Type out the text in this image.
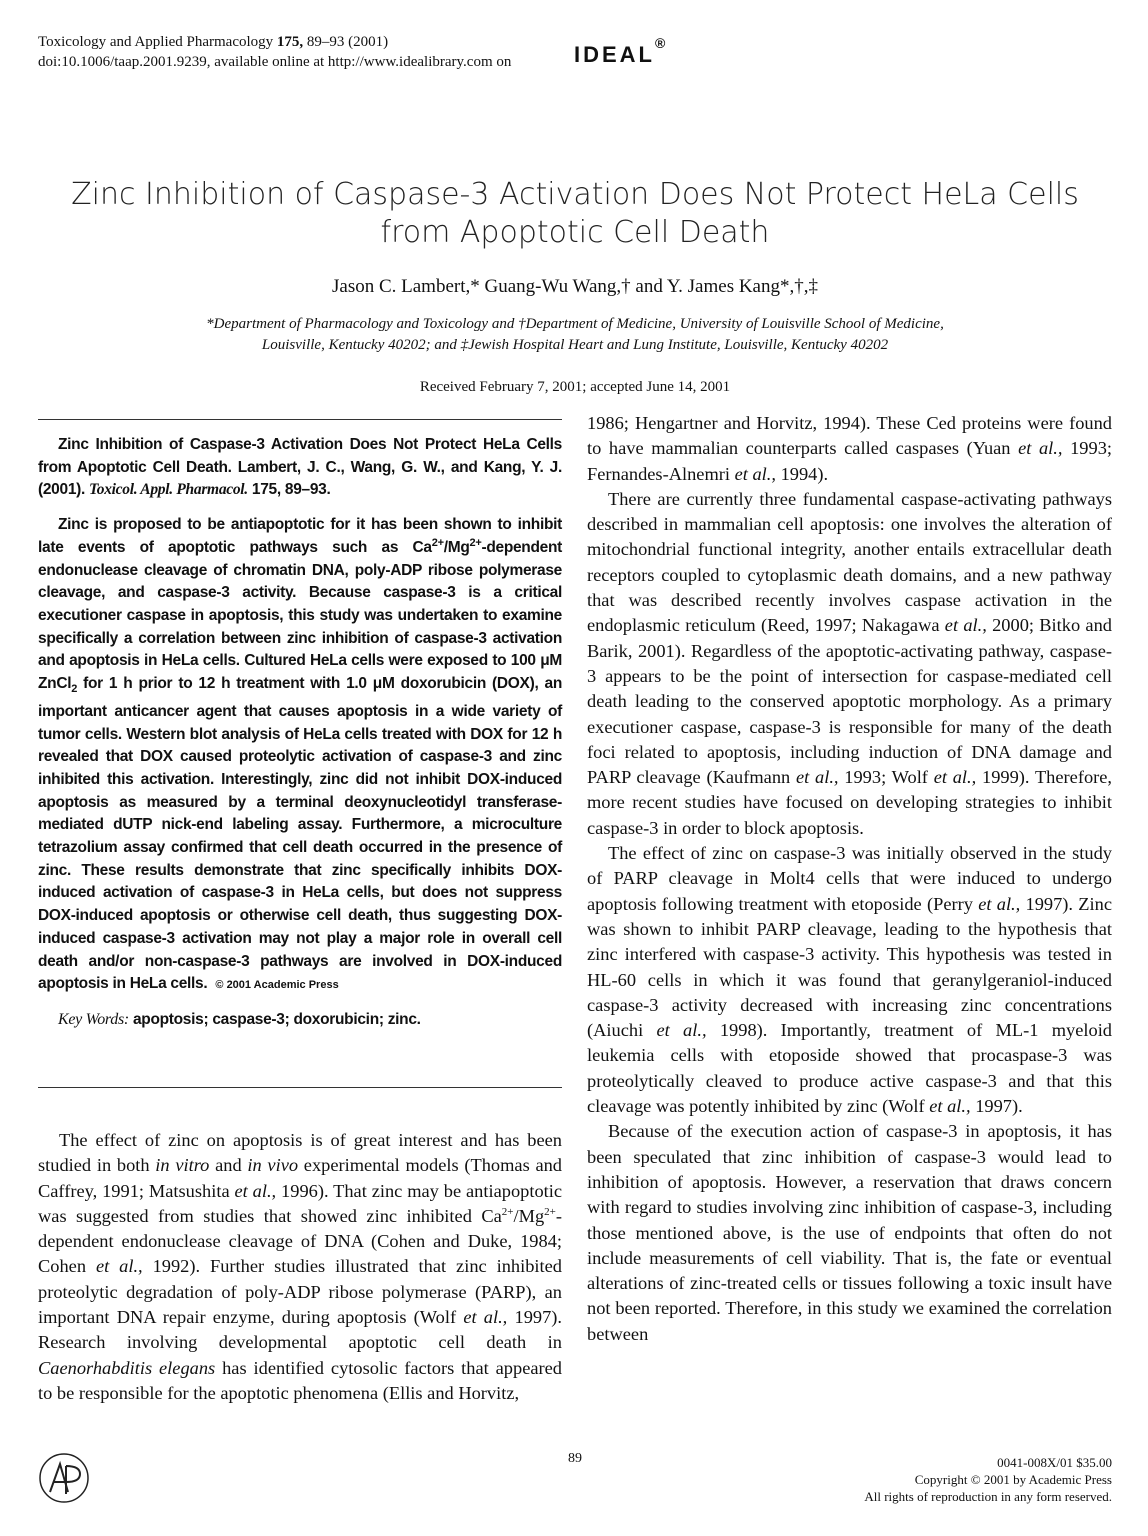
Toxicology and Applied Pharmacology 175, 89–93 (2001)
doi:10.1006/taap.2001.9239, available online at http://www.idealibrary.com on	IDEAL®
Zinc Inhibition of Caspase-3 Activation Does Not Protect HeLa Cells
from Apoptotic Cell Death
Jason C. Lambert,* Guang-Wu Wang,† and Y. James Kang*,†,‡
*Department of Pharmacology and Toxicology and †Department of Medicine, University of Louisville School of Medicine,
Louisville, Kentucky 40202; and ‡Jewish Hospital Heart and Lung Institute, Louisville, Kentucky 40202
Received February 7, 2001; accepted June 14, 2001

Zinc Inhibition of Caspase-3 Activation Does Not Protect HeLa Cells from Apoptotic Cell Death. Lambert, J. C., Wang, G. W., and Kang, Y. J. (2001). Toxicol. Appl. Pharmacol. 175, 89–93.

Zinc is proposed to be antiapoptotic for it has been shown to inhibit late events of apoptotic pathways such as $Ca^{2+}/Mg^{2+}$-dependent endonuclease cleavage of chromatin DNA, poly-ADP ribose polymerase cleavage, and caspase-3 activity. Because caspase-3 is a critical executioner caspase in apoptosis, this study was undertaken to examine specifically a correlation between zinc inhibition of caspase-3 activation and apoptosis in HeLa cells. Cultured HeLa cells were exposed to 100 μM ZnCl$_2$ for 1 h prior to 12 h treatment with 1.0 μM doxorubicin (DOX), an important anticancer agent that causes apoptosis in a wide variety of tumor cells. Western blot analysis of HeLa cells treated with DOX for 12 h revealed that DOX caused proteolytic activation of caspase-3 and zinc inhibited this activation. Interestingly, zinc did not inhibit DOX-induced apoptosis as measured by a terminal deoxynucleotidyl transferase-mediated dUTP nick-end labeling assay. Furthermore, a microculture tetrazolium assay confirmed that cell death occurred in the presence of zinc. These results demonstrate that zinc specifically inhibits DOX-induced activation of caspase-3 in HeLa cells, but does not suppress DOX-induced apoptosis or otherwise cell death, thus suggesting DOX-induced caspase-3 activation may not play a major role in overall cell death and/or non-caspase-3 pathways are involved in DOX-induced apoptosis in HeLa cells. © 2001 Academic Press

Key Words: apoptosis; caspase-3; doxorubicin; zinc.

The effect of zinc on apoptosis is of great interest and has been studied in both in vitro and in vivo experimental models (Thomas and Caffrey, 1991; Matsushita et al., 1996). That zinc may be antiapoptotic was suggested from studies that showed zinc inhibited $Ca^{2+}/Mg^{2+}$-dependent endonuclease cleavage of DNA (Cohen and Duke, 1984; Cohen et al., 1992). Further studies illustrated that zinc inhibited proteolytic degradation of poly-ADP ribose polymerase (PARP), an important DNA repair enzyme, during apoptosis (Wolf et al., 1997). Research involving developmental apoptotic cell death in Caenorhabditis elegans has identified cytosolic factors that appeared to be responsible for the apoptotic phenomena (Ellis and Horvitz,

1986; Hengartner and Horvitz, 1994). These Ced proteins were found to have mammalian counterparts called caspases (Yuan et al., 1993; Fernandes-Alnemri et al., 1994).

There are currently three fundamental caspase-activating pathways described in mammalian cell apoptosis: one involves the alteration of mitochondrial functional integrity, another entails extracellular death receptors coupled to cytoplasmic death domains, and a new pathway that was described recently involves caspase activation in the endoplasmic reticulum (Reed, 1997; Nakagawa et al., 2000; Bitko and Barik, 2001). Regardless of the apoptotic-activating pathway, caspase-3 appears to be the point of intersection for caspase-mediated cell death leading to the conserved apoptotic morphology. As a primary executioner caspase, caspase-3 is responsible for many of the death foci related to apoptosis, including induction of DNA damage and PARP cleavage (Kaufmann et al., 1993; Wolf et al., 1999). Therefore, more recent studies have focused on developing strategies to inhibit caspase-3 in order to block apoptosis.

The effect of zinc on caspase-3 was initially observed in the study of PARP cleavage in Molt4 cells that were induced to undergo apoptosis following treatment with etoposide (Perry et al., 1997). Zinc was shown to inhibit PARP cleavage, leading to the hypothesis that zinc interfered with caspase-3 activity. This hypothesis was tested in HL-60 cells in which it was found that geranylgeraniol-induced caspase-3 activity decreased with increasing zinc concentrations (Aiuchi et al., 1998). Importantly, treatment of ML-1 myeloid leukemia cells with etoposide showed that procaspase-3 was proteolytically cleaved to produce active caspase-3 and that this cleavage was potently inhibited by zinc (Wolf et al., 1997).

Because of the execution action of caspase-3 in apoptosis, it has been speculated that zinc inhibition of caspase-3 would lead to inhibition of apoptosis. However, a reservation that draws concern with regard to studies involving zinc inhibition of caspase-3, including those mentioned above, is the use of endpoints that often do not include measurements of cell viability. That is, the fate or eventual alterations of zinc-treated cells or tissues following a toxic insult have not been reported. Therefore, in this study we examined the correlation between

89	0041-008X/01 $35.00
Copyright © 2001 by Academic Press
All rights of reproduction in any form reserved.
